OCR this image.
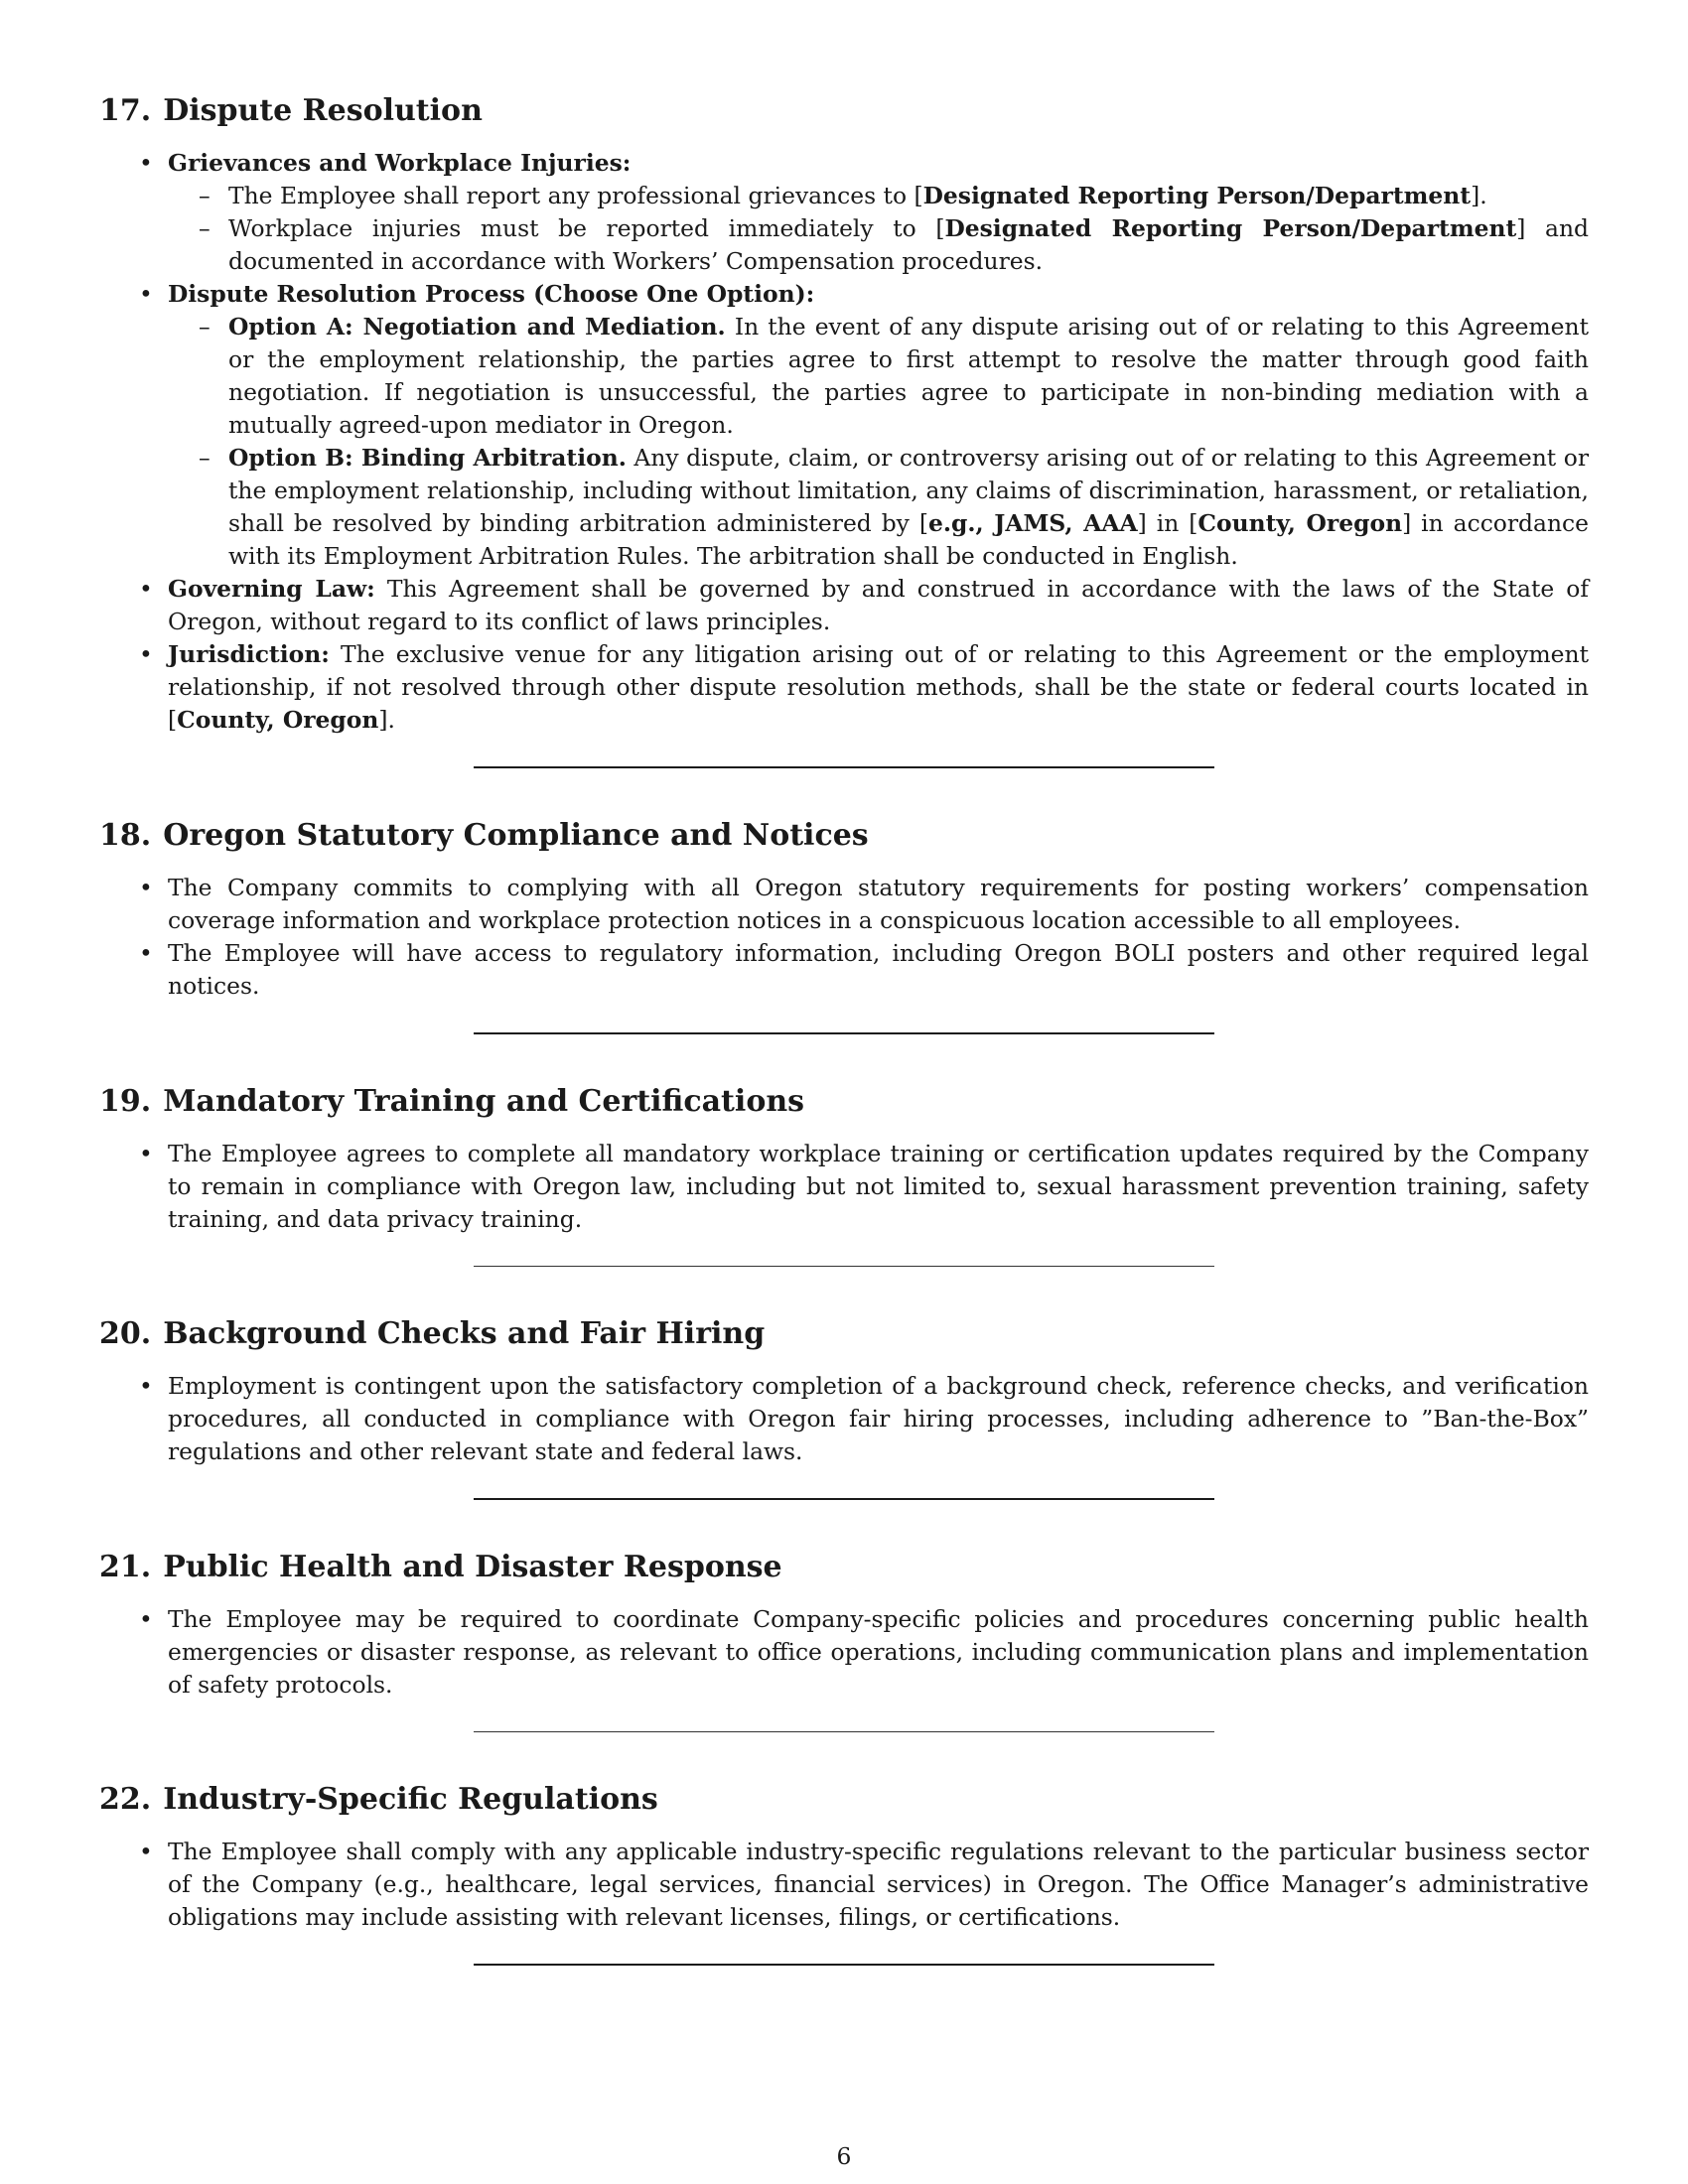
17. Dispute Resolution
• Grievances and Workplace Injuries:
– The Employee shall report any professional grievances to [Designated Reporting Person/Department].
– Workplace injuries must be reported immediately to [Designated Reporting Person/Department] and documented in accordance with Workers’ Compensation procedures.
• Dispute Resolution Process (Choose One Option):
– Option A: Negotiation and Mediation. In the event of any dispute arising out of or relating to this Agreement or the employment relationship, the parties agree to first attempt to resolve the matter through good faith negotiation. If negotiation is unsuccessful, the parties agree to participate in non-binding mediation with a mutually agreed-upon mediator in Oregon.
– Option B: Binding Arbitration. Any dispute, claim, or controversy arising out of or relating to this Agreement or the employment relationship, including without limitation, any claims of discrimination, harassment, or retaliation, shall be resolved by binding arbitration administered by [e.g., JAMS, AAA] in [County, Oregon] in accordance with its Employment Arbitration Rules. The arbitration shall be conducted in English.
• Governing Law: This Agreement shall be governed by and construed in accordance with the laws of the State of Oregon, without regard to its conflict of laws principles.
• Jurisdiction: The exclusive venue for any litigation arising out of or relating to this Agreement or the employment relationship, if not resolved through other dispute resolution methods, shall be the state or federal courts located in [County, Oregon].
18. Oregon Statutory Compliance and Notices
• The Company commits to complying with all Oregon statutory requirements for posting workers’ compensation coverage information and workplace protection notices in a conspicuous location accessible to all employees.
• The Employee will have access to regulatory information, including Oregon BOLI posters and other required legal notices.
19. Mandatory Training and Certifications
• The Employee agrees to complete all mandatory workplace training or certification updates required by the Company to remain in compliance with Oregon law, including but not limited to, sexual harassment prevention training, safety training, and data privacy training.
20. Background Checks and Fair Hiring
• Employment is contingent upon the satisfactory completion of a background check, reference checks, and verification procedures, all conducted in compliance with Oregon fair hiring processes, including adherence to ”Ban-the-Box” regulations and other relevant state and federal laws.
21. Public Health and Disaster Response
• The Employee may be required to coordinate Company-specific policies and procedures concerning public health emergencies or disaster response, as relevant to office operations, including communication plans and implementation of safety protocols.
22. Industry-Specific Regulations
• The Employee shall comply with any applicable industry-specific regulations relevant to the particular business sector of the Company (e.g., healthcare, legal services, financial services) in Oregon. The Office Manager’s administrative obligations may include assisting with relevant licenses, filings, or certifications.
6
